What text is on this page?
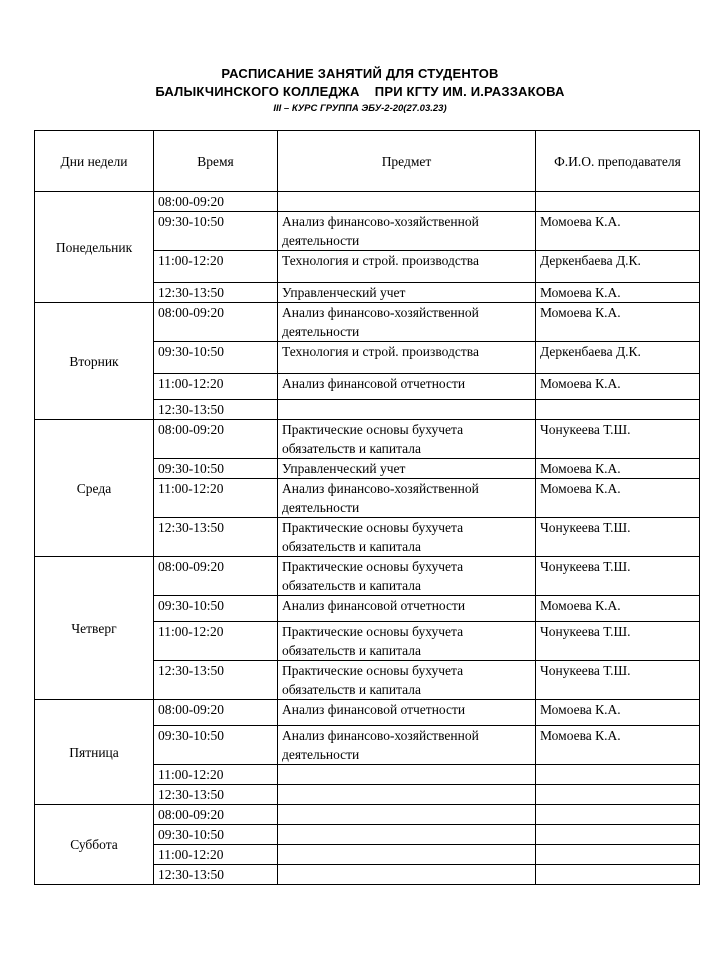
РАСПИСАНИЕ ЗАНЯТИЙ ДЛЯ СТУДЕНТОВ
БАЛЫКЧИНСКОГО КОЛЛЕДЖА    ПРИ КГТУ ИМ. И.РАЗЗАКОВА
III – КУРС ГРУППА ЭБУ-2-20(27.03.23)
Дни недели	Время	Предмет	Ф.И.О. преподавателя
Понедельник	08:00-09:20		
	09:30-10:50	Анализ финансово-хозяйственной деятельности	Момоева К.А.
	11:00-12:20	Технология и строй. производства	Деркенбаева Д.К.
	12:30-13:50	Управленческий учет	Момоева К.А.
Вторник	08:00-09:20	Анализ финансово-хозяйственной деятельности	Момоева К.А.
	09:30-10:50	Технология и строй. производства	Деркенбаева Д.К.
	11:00-12:20	Анализ финансовой отчетности	Момоева К.А.
	12:30-13:50		
Среда	08:00-09:20	Практические основы бухучета обязательств и капитала	Чонукеева Т.Ш.
	09:30-10:50	Управленческий учет	Момоева К.А.
	11:00-12:20	Анализ финансово-хозяйственной деятельности	Момоева К.А.
	12:30-13:50	Практические основы бухучета обязательств и капитала	Чонукеева Т.Ш.
Четверг	08:00-09:20	Практические основы бухучета обязательств и капитала	Чонукеева Т.Ш.
	09:30-10:50	Анализ финансовой отчетности	Момоева К.А.
	11:00-12:20	Практические основы бухучета обязательств и капитала	Чонукеева Т.Ш.
	12:30-13:50	Практические основы бухучета обязательств и капитала	Чонукеева Т.Ш.
Пятница	08:00-09:20	Анализ финансовой отчетности	Момоева К.А.
	09:30-10:50	Анализ финансово-хозяйственной деятельности	Момоева К.А.
	11:00-12:20		
	12:30-13:50		
Суббота	08:00-09:20		
	09:30-10:50		
	11:00-12:20		
	12:30-13:50		
